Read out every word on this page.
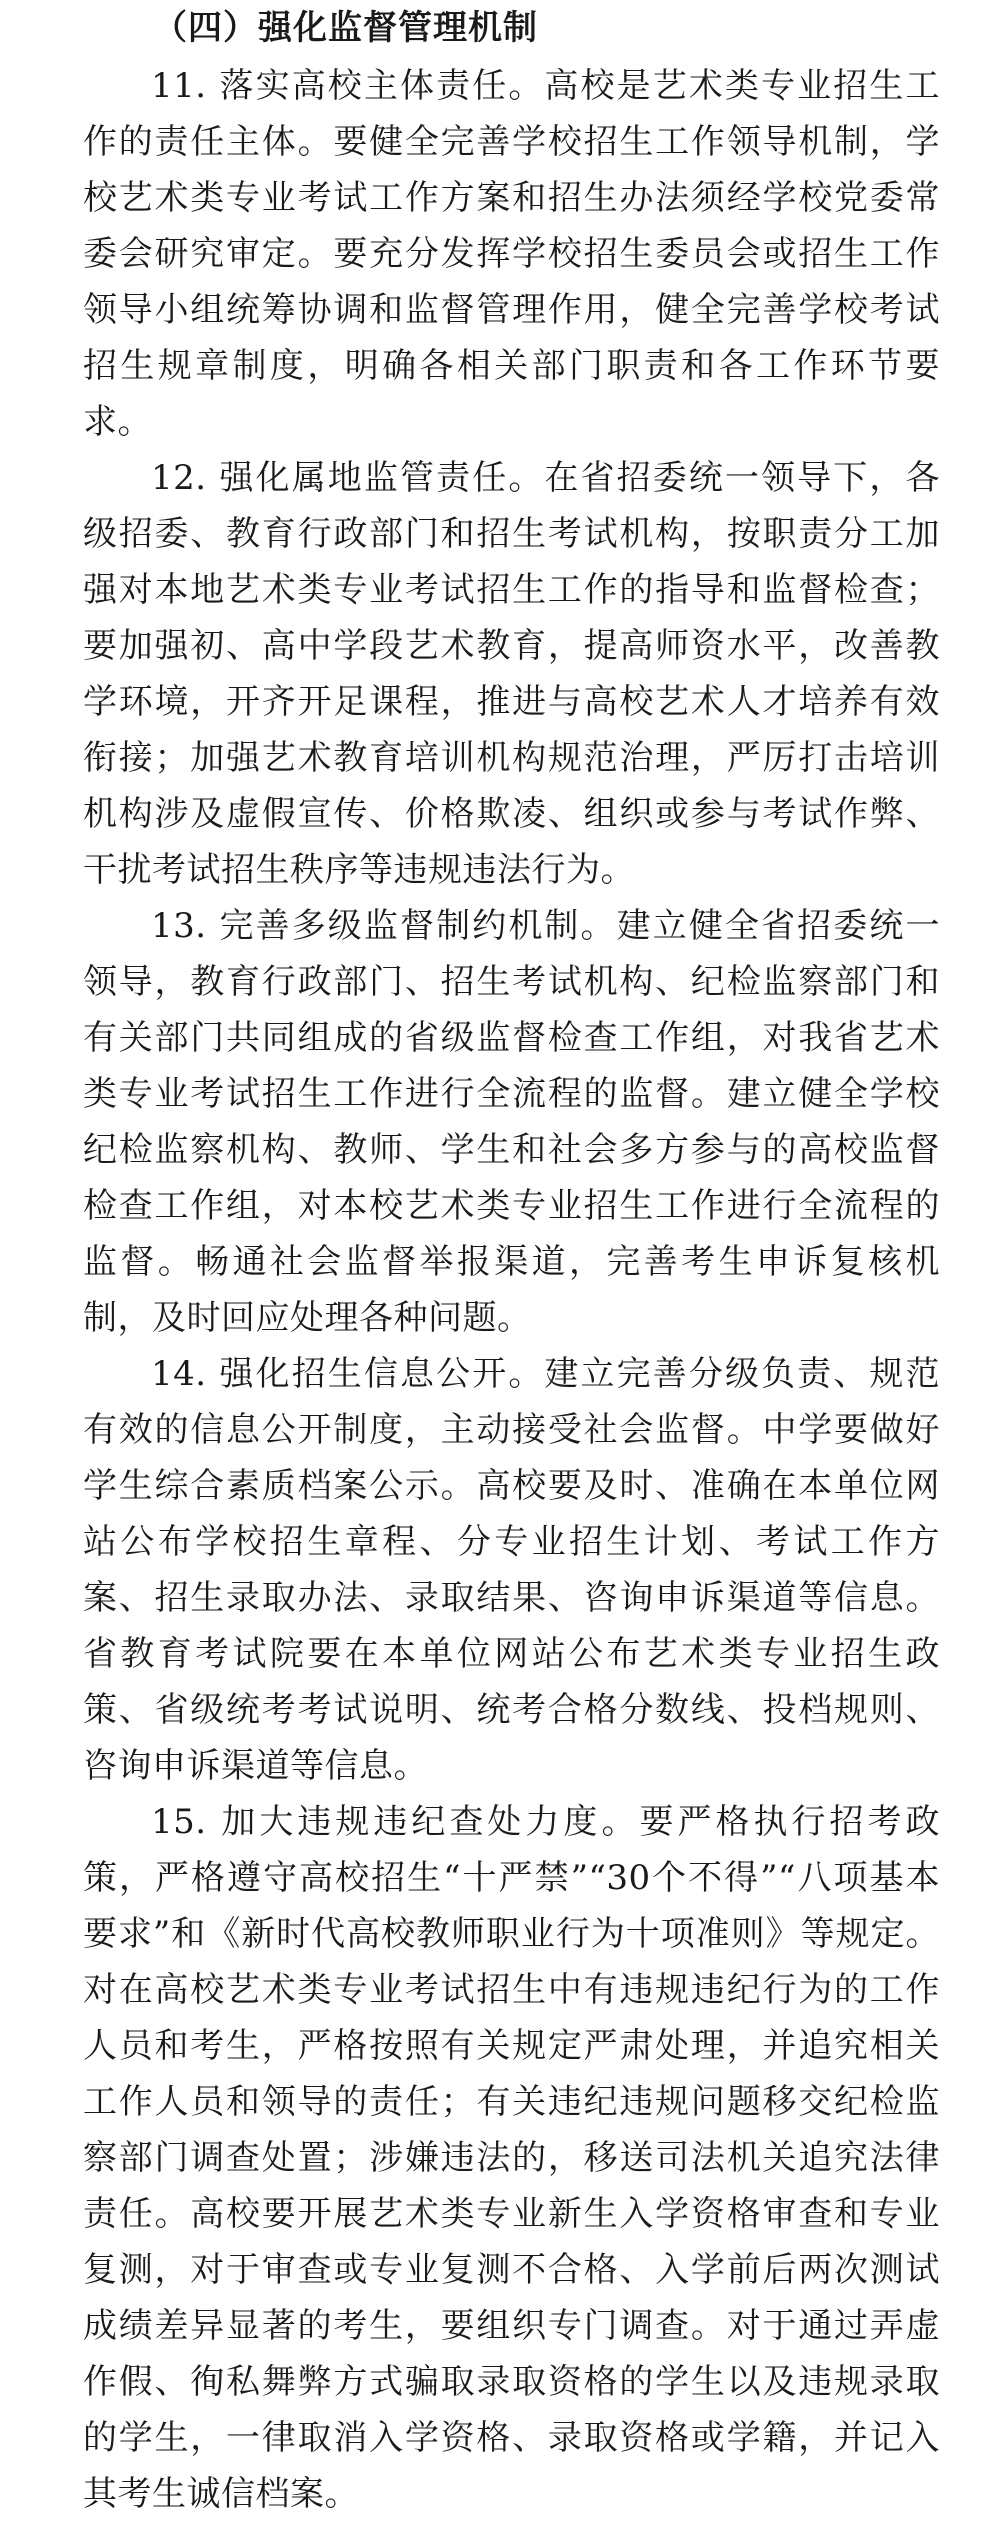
（四）强化监督管理机制

11. 落实高校主体责任。高校是艺术类专业招生工作的责任主体。要健全完善学校招生工作领导机制，学校艺术类专业考试工作方案和招生办法须经学校党委常委会研究审定。要充分发挥学校招生委员会或招生工作领导小组统筹协调和监督管理作用，健全完善学校考试招生规章制度，明确各相关部门职责和各工作环节要求。

12. 强化属地监管责任。在省招委统一领导下，各级招委、教育行政部门和招生考试机构，按职责分工加强对本地艺术类专业考试招生工作的指导和监督检查；要加强初、高中学段艺术教育，提高师资水平，改善教学环境，开齐开足课程，推进与高校艺术人才培养有效衔接；加强艺术教育培训机构规范治理，严厉打击培训机构涉及虚假宣传、价格欺凌、组织或参与考试作弊、干扰考试招生秩序等违规违法行为。

13. 完善多级监督制约机制。建立健全省招委统一领导，教育行政部门、招生考试机构、纪检监察部门和有关部门共同组成的省级监督检查工作组，对我省艺术类专业考试招生工作进行全流程的监督。建立健全学校纪检监察机构、教师、学生和社会多方参与的高校监督检查工作组，对本校艺术类专业招生工作进行全流程的监督。畅通社会监督举报渠道，完善考生申诉复核机制，及时回应处理各种问题。

14. 强化招生信息公开。建立完善分级负责、规范有效的信息公开制度，主动接受社会监督。中学要做好学生综合素质档案公示。高校要及时、准确在本单位网站公布学校招生章程、分专业招生计划、考试工作方案、招生录取办法、录取结果、咨询申诉渠道等信息。省教育考试院要在本单位网站公布艺术类专业招生政策、省级统考考试说明、统考合格分数线、投档规则、咨询申诉渠道等信息。

15. 加大违规违纪查处力度。要严格执行招考政策，严格遵守高校招生“十严禁”“30个不得”“八项基本要求”和《新时代高校教师职业行为十项准则》等规定。对在高校艺术类专业考试招生中有违规违纪行为的工作人员和考生，严格按照有关规定严肃处理，并追究相关工作人员和领导的责任；有关违纪违规问题移交纪检监察部门调查处置；涉嫌违法的，移送司法机关追究法律责任。高校要开展艺术类专业新生入学资格审查和专业复测，对于审查或专业复测不合格、入学前后两次测试成绩差异显著的考生，要组织专门调查。对于通过弄虚作假、徇私舞弊方式骗取录取资格的学生以及违规录取的学生，一律取消入学资格、录取资格或学籍，并记入其考生诚信档案。
